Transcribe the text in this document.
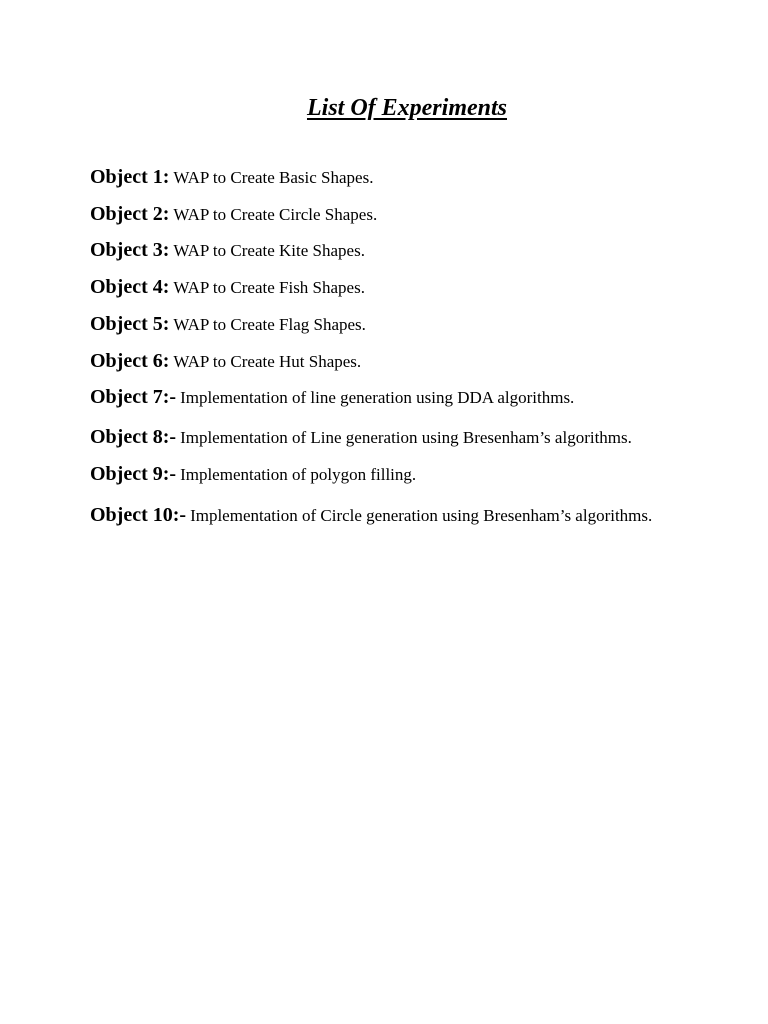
List Of Experiments
Object 1: WAP to Create Basic Shapes.
Object 2: WAP to Create Circle Shapes.
Object 3: WAP to Create Kite Shapes.
Object 4: WAP to Create Fish Shapes.
Object 5: WAP to Create Flag Shapes.
Object 6: WAP to Create Hut Shapes.
Object 7:- Implementation of line generation using DDA algorithms.
Object 8:- Implementation of Line generation using Bresenham’s algorithms.
Object 9:- Implementation of polygon filling.
Object 10:- Implementation of Circle generation using Bresenham’s algorithms.
